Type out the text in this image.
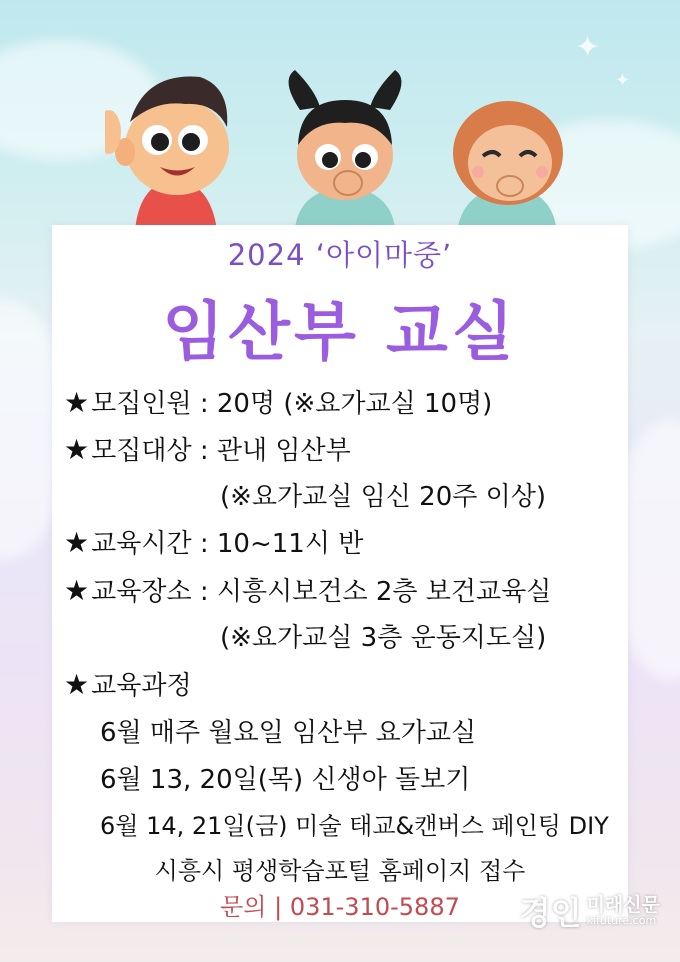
✦
✦
2024 ‘아이마중’
임산부 교실
★모집인원 : 20명 (※요가교실 10명)
★모집대상 : 관내 임산부
(※요가교실 임신 20주 이상)
★교육시간 : 10~11시 반
★교육장소 : 시흥시보건소 2층 보건교육실
(※요가교실 3층 운동지도실)
★교육과정
6월 매주 월요일 임산부 요가교실
6월 13, 20일(목) 신생아 돌보기
6월 14, 21일(금) 미술 태교&캔버스 페인팅 DIY
시흥시 평생학습포털 홈페이지 접수
문의 | 031-310-5887	경인 미래신문
kifuture.com
